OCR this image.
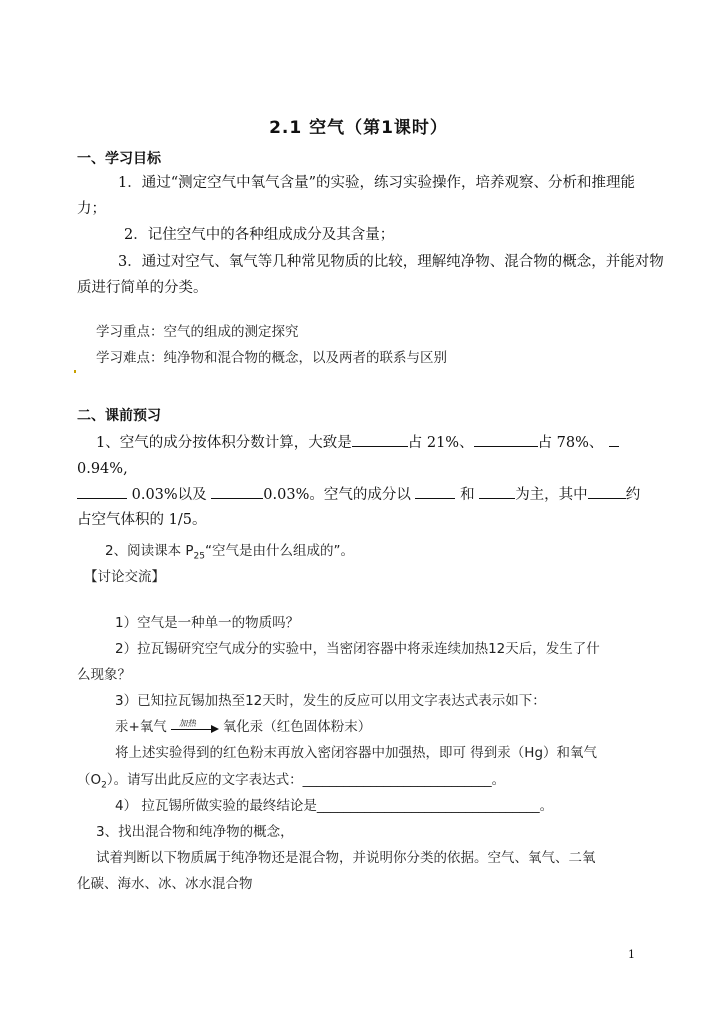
2.1 空气（第1课时）
一、学习目标
1．通过“测定空气中氧气含量”的实验，练习实验操作，培养观察、分析和推理能
力；
2．记住空气中的各种组成成分及其含量；
3．通过对空气、氧气等几种常见物质的比较，理解纯净物、混合物的概念，并能对物
质进行简单的分类。
学习重点：空气的组成的测定探究
学习难点：纯净物和混合物的概念，以及两者的联系与区别
二、课前预习
1、空气的成分按体积分数计算，大致是	占 21%、	占 78%、
0.94%,
0.03%以及	0.03%。空气的成分以	和	为主，其中	约
占空气体积的 1/5。
2、阅读课本 $P_{25}“$空气是由什么组成的”。
【讨论交流】
1）空气是一种单一的物质吗？
2）拉瓦锡研究空气成分的实验中，当密闭容器中将汞连续加热12天后，发生了什
么现象？
3）已知拉瓦锡加热至12天时，发生的反应可以用文字表达式表示如下：
汞+氧气 加热 氧化汞（红色固体粉末）
将上述实验得到的红色粉末再放入密闭容器中加强热，即可 得到汞（Hg）和氧气
$(O_2)$。请写出此反应的文字表达式：____________________________。
4） 拉瓦锡所做实验的最终结论是_________________________________。
3、找出混合物和纯净物的概念，
试着判断以下物质属于纯净物还是混合物，并说明你分类的依据。空气、氧气、二氧
化碳、海水、冰、冰水混合物
1
